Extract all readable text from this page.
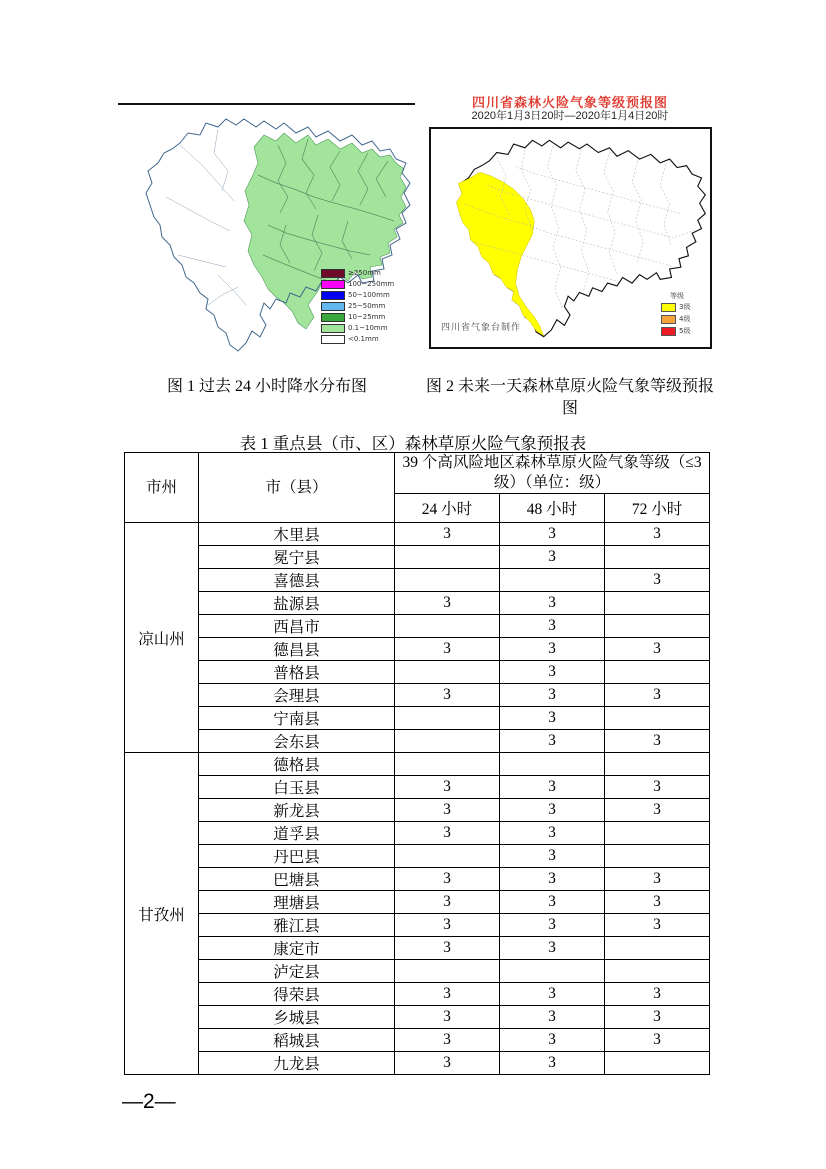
≥250mm
100~250mm
50~100mm
25~50mm
10~25mm
0.1~10mm
<0.1mm
四川省森林火险气象等级预报图
2020年1月3日20时—2020年1月4日20时
四川省气象台制作
等级
3级
4级
5级
图 1 过去 24 小时降水分布图	图 2 未来一天森林草原火险气象等级预报图
表 1 重点县（市、区）森林草原火险气象预报表
市州	市（县）	39 个高风险地区森林草原火险气象等级（≤3 级）（单位：级）		
		24 小时	48 小时	72 小时
凉山州	木里县	3	3	3
	冕宁县		3	
	喜德县			3
	盐源县	3	3	
	西昌市		3	
	德昌县	3	3	3
	普格县		3	
	会理县	3	3	3
	宁南县		3	
	会东县		3	3
甘孜州	德格县			
	白玉县	3	3	3
	新龙县	3	3	3
	道孚县	3	3	
	丹巴县		3	
	巴塘县	3	3	3
	理塘县	3	3	3
	雅江县	3	3	3
	康定市	3	3	
	泸定县			
	得荣县	3	3	3
	乡城县	3	3	3
	稻城县	3	3	3
	九龙县	3	3	
—2—
